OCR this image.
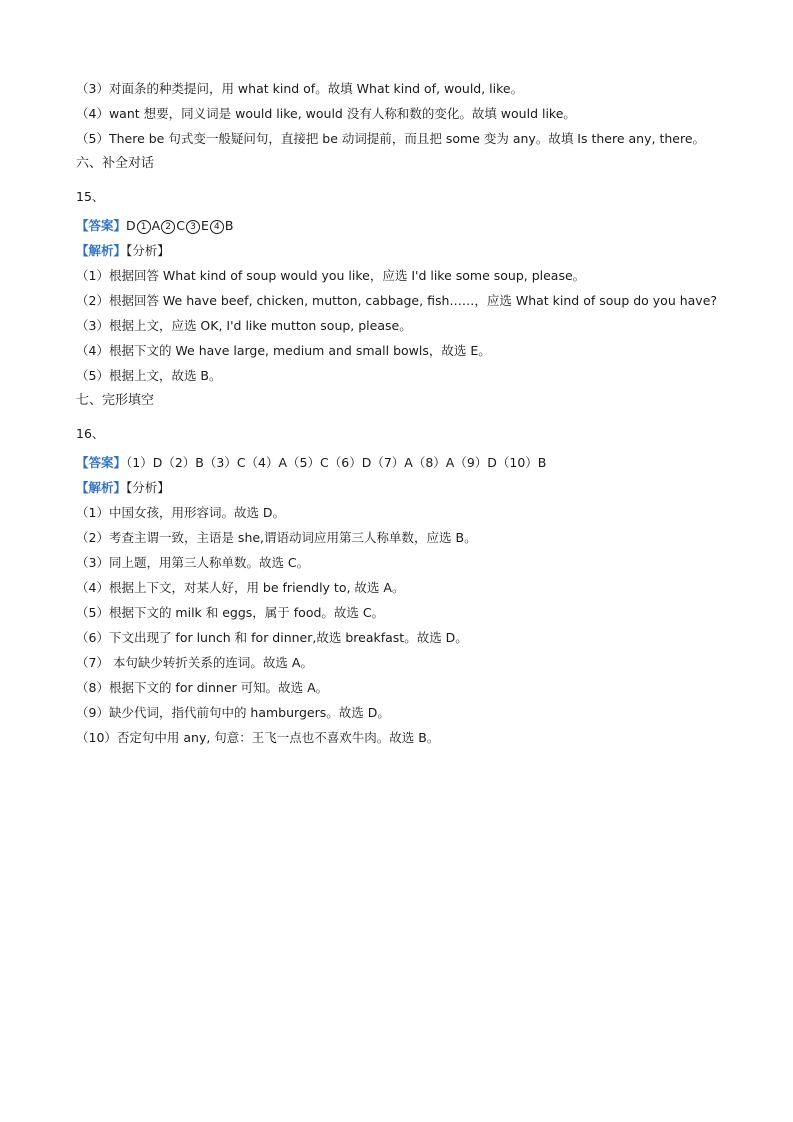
（3）对面条的种类提问，用 what kind of。故填 What kind of, would, like。
（4）want 想要，同义词是 would like, would 没有人称和数的变化。故填 would like。
（5）There be 句式变一般疑问句，直接把 be 动词提前，而且把 some 变为 any。故填 Is there any, there。
六、补全对话
15、
【答案】D 1 A 2 C 3 E 4 B
【解析】【分析】
（1）根据回答 What kind of soup would you like，应选 I'd like some soup, please。
（2）根据回答 We have beef, chicken, mutton, cabbage, fish……，应选 What kind of soup do you have?
（3）根据上文，应选 OK, I'd like mutton soup, please。
（4）根据下文的 We have large, medium and small bowls，故选 E。
（5）根据上文，故选 B。
七、完形填空
16、
【答案】（1）D（2）B（3）C（4）A（5）C（6）D（7）A（8）A（9）D（10）B
【解析】【分析】
（1）中国女孩，用形容词。故选 D。
（2）考查主谓一致，主语是 she,谓语动词应用第三人称单数，应选 B。
（3）同上题，用第三人称单数。故选 C。
（4）根据上下文，对某人好，用 be friendly to, 故选 A。
（5）根据下文的 milk 和 eggs，属于 food。故选 C。
（6）下文出现了 for lunch 和 for dinner,故选 breakfast。故选 D。
（7） 本句缺少转折关系的连词。故选 A。
（8）根据下文的 for dinner 可知。故选 A。
（9）缺少代词，指代前句中的 hamburgers。故选 D。
（10）否定句中用 any, 句意：王飞一点也不喜欢牛肉。故选 B。
